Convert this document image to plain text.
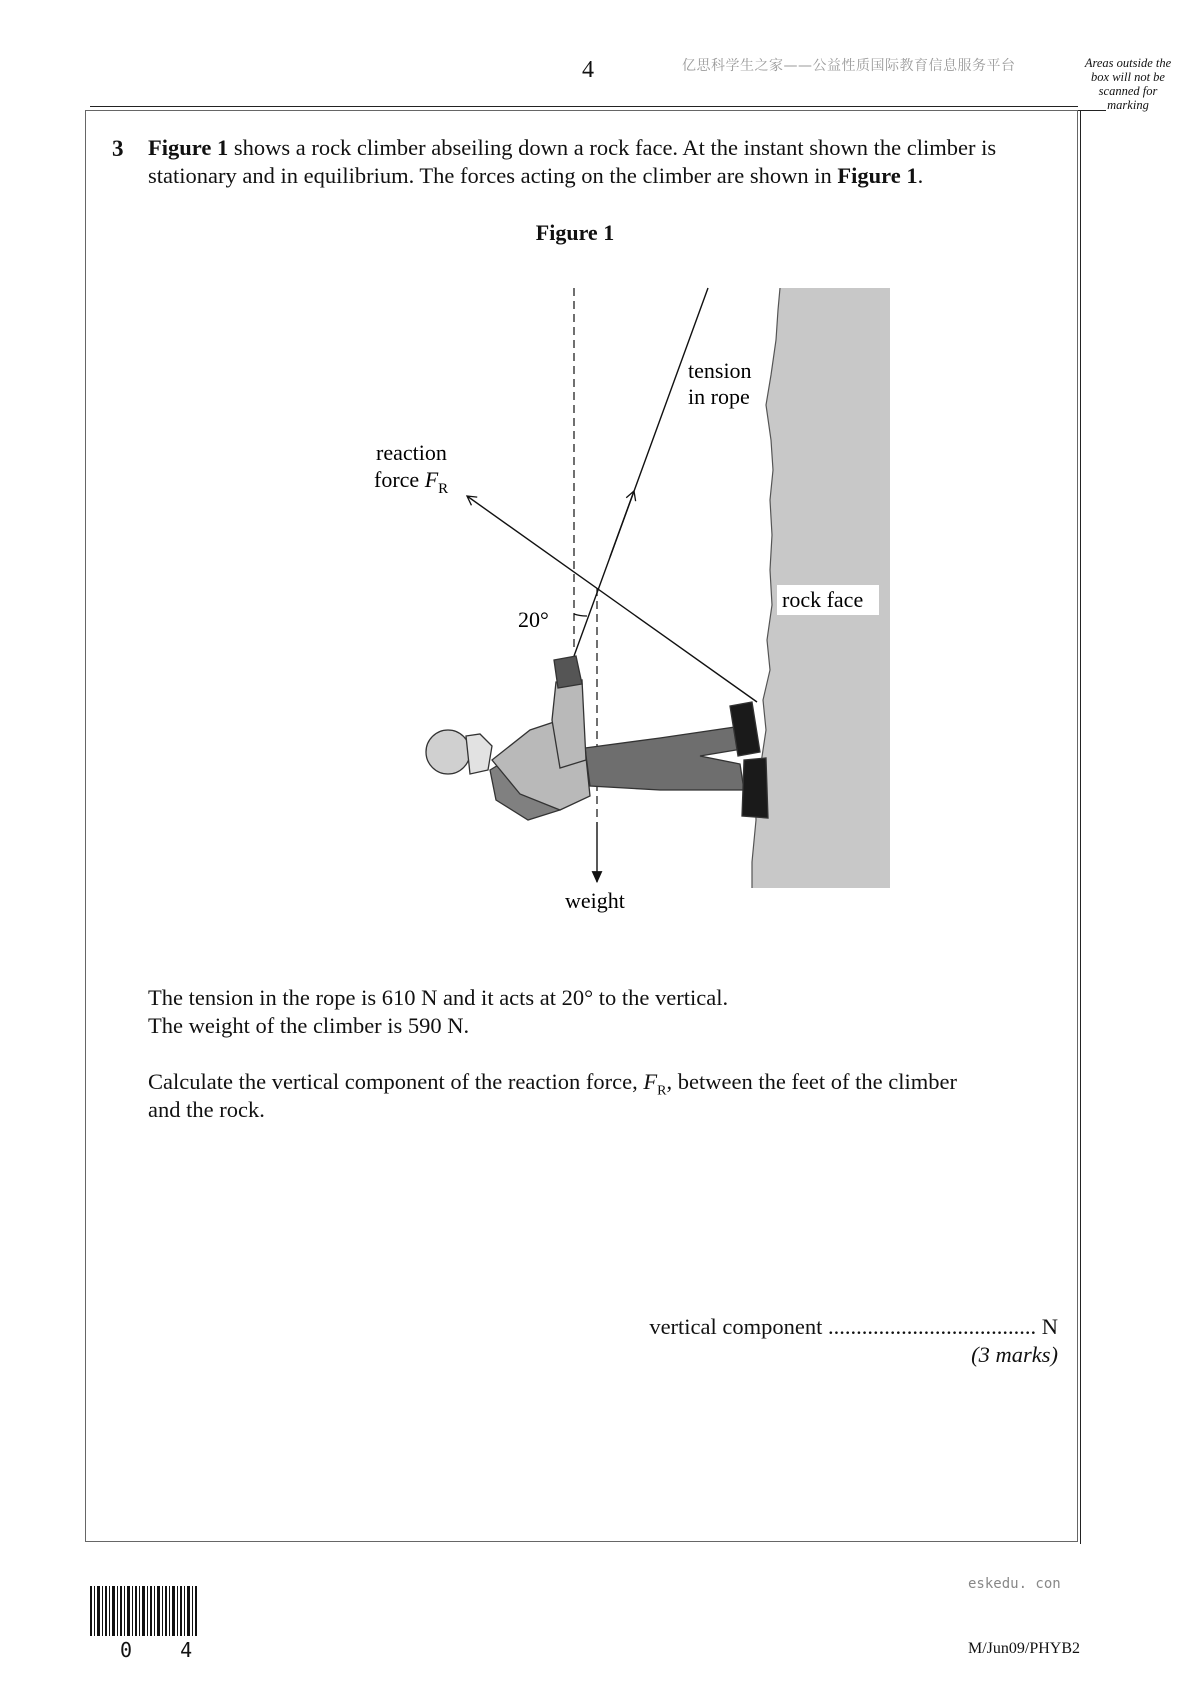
4	亿思科学生之家——公益性质国际教育信息服务平台	Areas outside the box will not be scanned for marking
3 Figure 1 shows a rock climber abseiling down a rock face. At the instant shown the climber is stationary and in equilibrium. The forces acting on the climber are shown in Figure 1.
Figure 1
tension
in rope
reaction
force $F_R$
20°
rock face
weight
The tension in the rope is 610 N and it acts at 20° to the vertical.
The weight of the climber is 590 N.
Calculate the vertical component of the reaction force, $F_R$, between the feet of the climber
and the rock.
vertical component ..................................... N
(3 marks)
eskedu. con
0 4	M/Jun09/PHYB2
